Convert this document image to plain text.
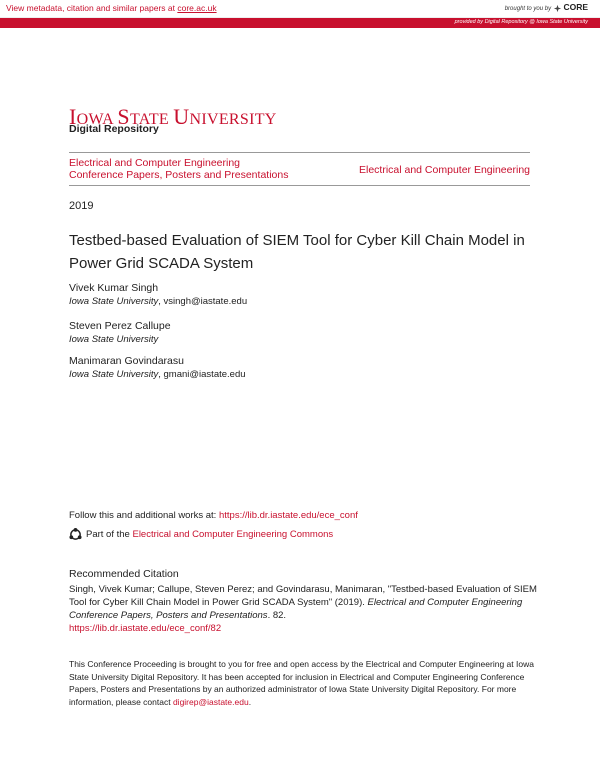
View metadata, citation and similar papers at core.ac.uk	brought to you by CORE
provided by Digital Repository @ Iowa State University
IOWA STATE UNIVERSITY
Digital Repository
Electrical and Computer Engineering
Conference Papers, Posters and Presentations	Electrical and Computer Engineering
2019
Testbed-based Evaluation of SIEM Tool for Cyber Kill Chain Model in Power Grid SCADA System
Vivek Kumar Singh
Iowa State University, vsingh@iastate.edu
Steven Perez Callupe
Iowa State University
Manimaran Govindarasu
Iowa State University, gmani@iastate.edu
Follow this and additional works at: https://lib.dr.iastate.edu/ece_conf
Part of the
Electrical and Computer Engineering Commons
Recommended Citation
Singh, Vivek Kumar; Callupe, Steven Perez; and Govindarasu, Manimaran, "Testbed-based Evaluation of SIEM Tool for Cyber Kill Chain Model in Power Grid SCADA System" (2019). Electrical and Computer Engineering Conference Papers, Posters and Presentations. 82.
https://lib.dr.iastate.edu/ece_conf/82
This Conference Proceeding is brought to you for free and open access by the Electrical and Computer Engineering at Iowa State University Digital Repository. It has been accepted for inclusion in Electrical and Computer Engineering Conference Papers, Posters and Presentations by an authorized administrator of Iowa State University Digital Repository. For more information, please contact digirep@iastate.edu.
